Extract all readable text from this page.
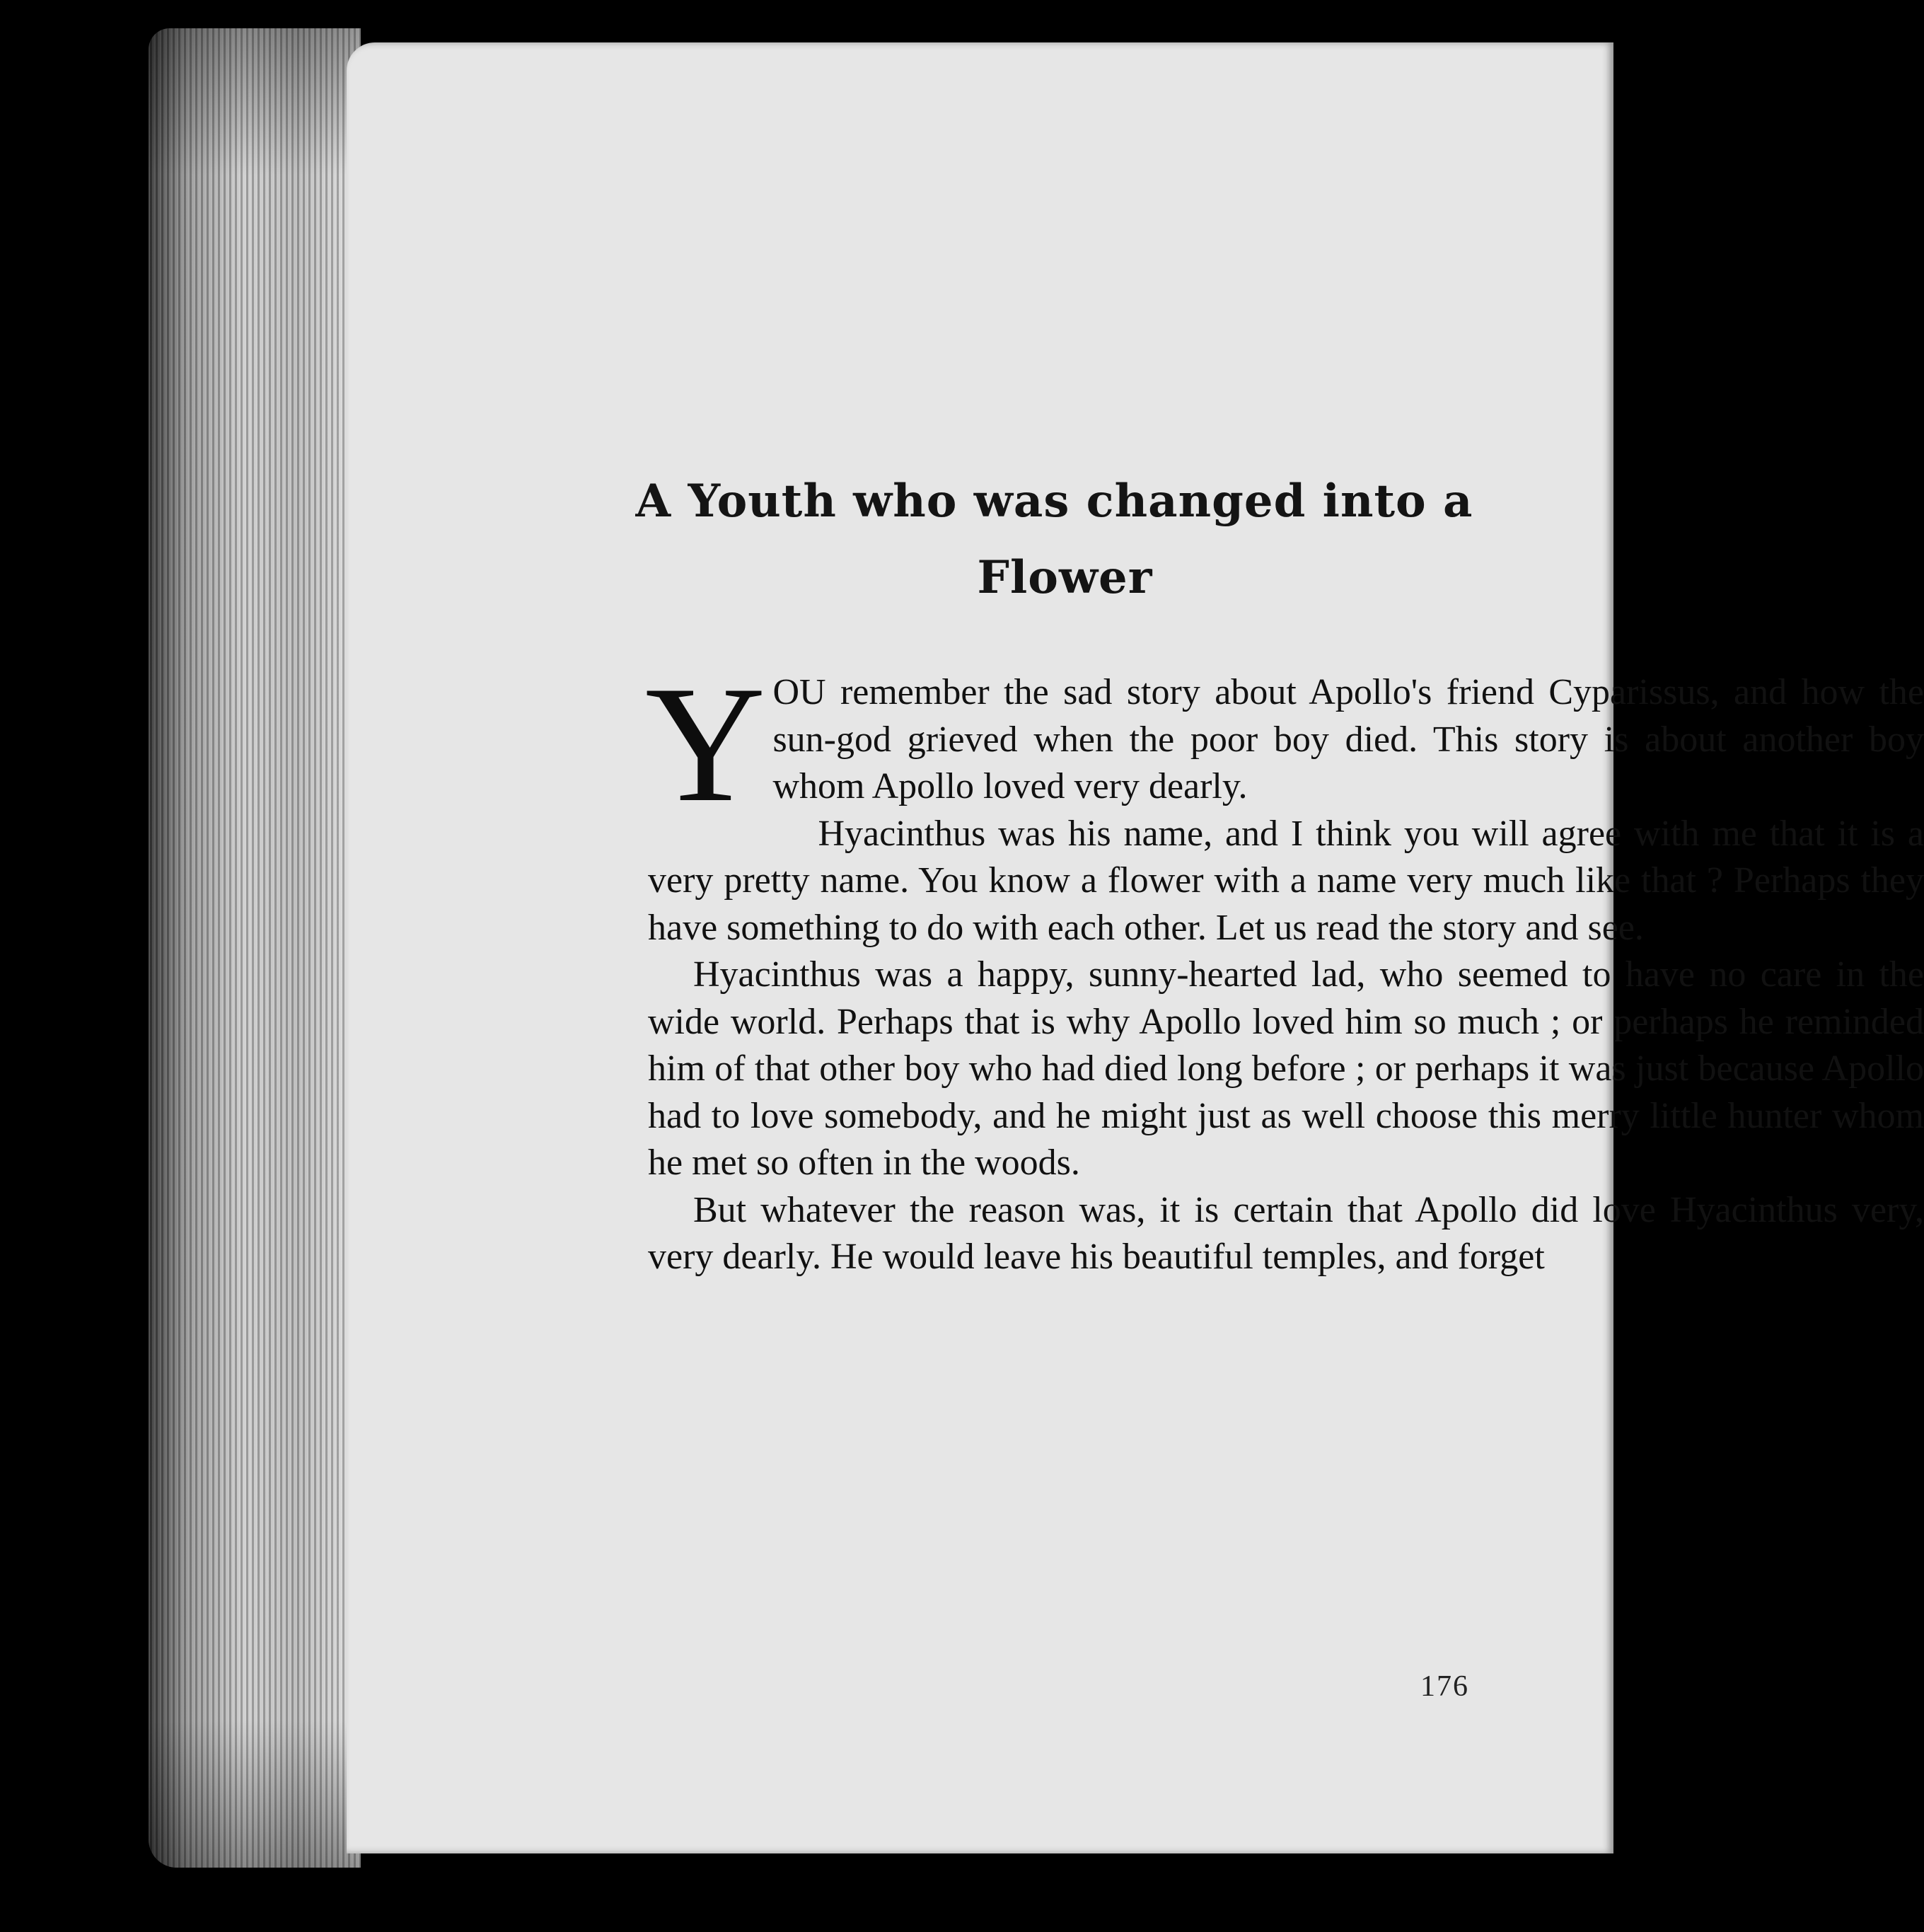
A Youth who was changed into a
Flower

YOU remember the sad story about Apollo's friend Cyparissus, and how the sun-god grieved when the poor boy died. This story is about another boy whom Apollo loved very dearly.

Hyacinthus was his name, and I think you will agree with me that it is a very pretty name. You know a flower with a name very much like that ? Perhaps they have something to do with each other. Let us read the story and see.

Hyacinthus was a happy, sunny-hearted lad, who seemed to have no care in the wide world. Perhaps that is why Apollo loved him so much ; or perhaps he reminded him of that other boy who had died long before ; or perhaps it was just because Apollo had to love somebody, and he might just as well choose this merry little hunter whom he met so often in the woods.

But whatever the reason was, it is certain that Apollo did love Hyacinthus very, very dearly. He would leave his beautiful temples, and forget

176
